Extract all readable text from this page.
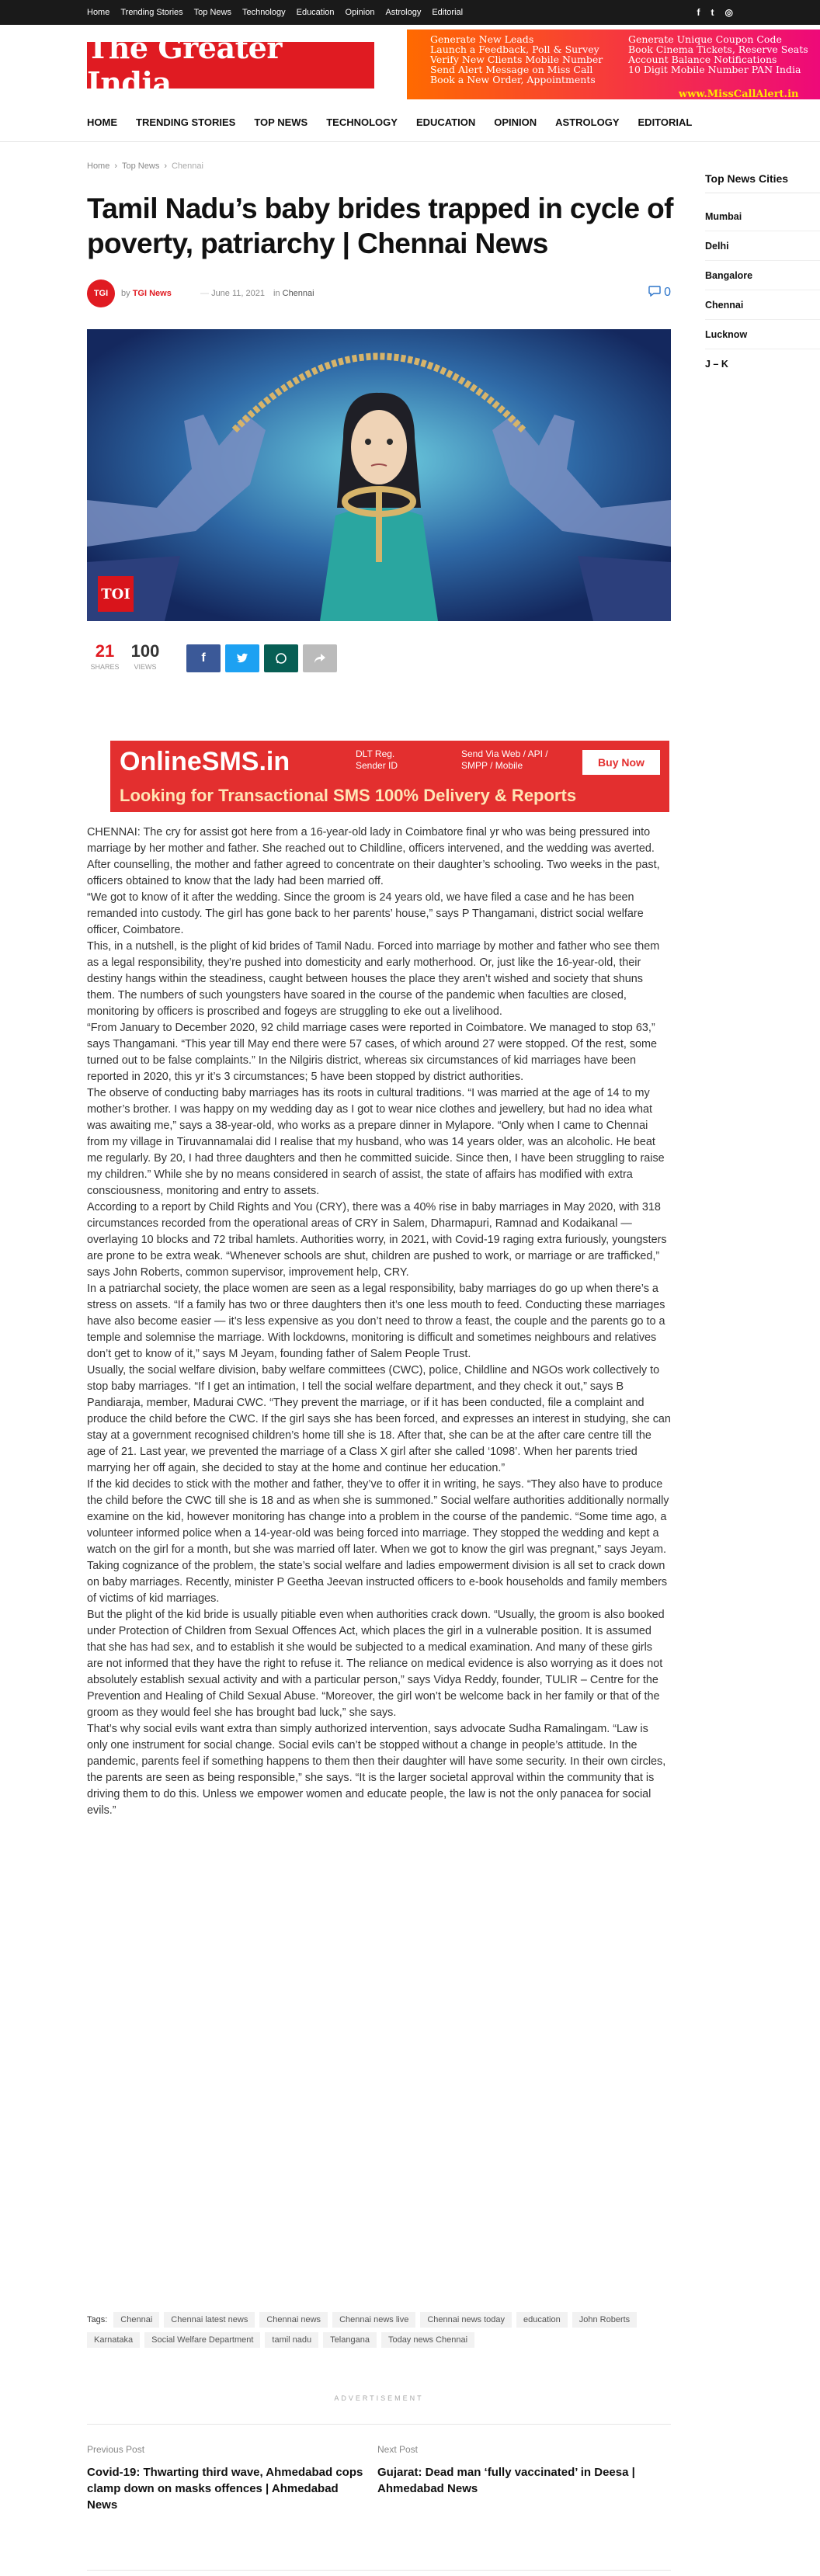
Home Trending Stories Top News Technology Education Opinion Astrology Editorial	f t ◎
The Greater India
Generate New Leads
Launch a Feedback, Poll & Survey
Verify New Clients Mobile Number
Send Alert Message on Miss Call
Book a New Order, Appointments
Generate Unique Coupon Code
Book Cinema Tickets, Reserve Seats
Account Balance Notifications
10 Digit Mobile Number PAN India
www.MissCallAlert.in
HOME TRENDING STORIES TOP NEWS TECHNOLOGY EDUCATION OPINION ASTROLOGY EDITORIAL
Home › Top News › Chennai
Tamil Nadu’s baby brides trapped in cycle of poverty, patriarchy | Chennai News
TGI	by TGI News	— June 11, 2021 in Chennai	0
TOI
21
SHARES
100
VIEWS
f
OnlineSMS.in	DLT Reg.
Sender ID
Send Via Web / API /
SMPP / Mobile	Buy Now
Looking for Transactional SMS 100% Delivery & Reports

CHENNAI: The cry for assist got here from a 16-year-old lady in Coimbatore final yr who was being pressured into marriage by her mother and father. She reached out to Childline, officers intervened, and the wedding was averted. After counselling, the mother and father agreed to concentrate on their daughter’s schooling. Two weeks in the past, officers obtained to know that the lady had been married off.

“We got to know of it after the wedding. Since the groom is 24 years old, we have filed a case and he has been remanded into custody. The girl has gone back to her parents’ house,” says P Thangamani, district social welfare officer, Coimbatore.

This, in a nutshell, is the plight of kid brides of Tamil Nadu. Forced into marriage by mother and father who see them as a legal responsibility, they’re pushed into domesticity and early motherhood. Or, just like the 16-year-old, their destiny hangs within the steadiness, caught between houses the place they aren’t wished and society that shuns them. The numbers of such youngsters have soared in the course of the pandemic when faculties are closed, monitoring by officers is proscribed and fogeys are struggling to eke out a livelihood.

“From January to December 2020, 92 child marriage cases were reported in Coimbatore. We managed to stop 63,” says Thangamani. “This year till May end there were 57 cases, of which around 27 were stopped. Of the rest, some turned out to be false complaints.” In the Nilgiris district, whereas six circumstances of kid marriages have been reported in 2020, this yr it’s 3 circumstances; 5 have been stopped by district authorities.

The observe of conducting baby marriages has its roots in cultural traditions. “I was married at the age of 14 to my mother’s brother. I was happy on my wedding day as I got to wear nice clothes and jewellery, but had no idea what was awaiting me,” says a 38-year-old, who works as a prepare dinner in Mylapore. “Only when I came to Chennai from my village in Tiruvannamalai did I realise that my husband, who was 14 years older, was an alcoholic. He beat me regularly. By 20, I had three daughters and then he committed suicide. Since then, I have been struggling to raise my children.” While she by no means considered in search of assist, the state of affairs has modified with extra consciousness, monitoring and entry to assets.

According to a report by Child Rights and You (CRY), there was a 40% rise in baby marriages in May 2020, with 318 circumstances recorded from the operational areas of CRY in Salem, Dharmapuri, Ramnad and Kodaikanal — overlaying 10 blocks and 72 tribal hamlets. Authorities worry, in 2021, with Covid-19 raging extra furiously, youngsters are prone to be extra weak. “Whenever schools are shut, children are pushed to work, or marriage or are trafficked,” says John Roberts, common supervisor, improvement help, CRY.

In a patriarchal society, the place women are seen as a legal responsibility, baby marriages do go up when there’s a stress on assets. “If a family has two or three daughters then it’s one less mouth to feed. Conducting these marriages have also become easier — it’s less expensive as you don’t need to throw a feast, the couple and the parents go to a temple and solemnise the marriage. With lockdowns, monitoring is difficult and sometimes neighbours and relatives don’t get to know of it,” says M Jeyam, founding father of Salem People Trust.

Usually, the social welfare division, baby welfare committees (CWC), police, Childline and NGOs work collectively to stop baby marriages. “If I get an intimation, I tell the social welfare department, and they check it out,” says B Pandiaraja, member, Madurai CWC. “They prevent the marriage, or if it has been conducted, file a complaint and produce the child before the CWC. If the girl says she has been forced, and expresses an interest in studying, she can stay at a government recognised children’s home till she is 18. After that, she can be at the after care centre till the age of 21. Last year, we prevented the marriage of a Class X girl after she called ‘1098’. When her parents tried marrying her off again, she decided to stay at the home and continue her education.”

If the kid decides to stick with the mother and father, they’ve to offer it in writing, he says. “They also have to produce the child before the CWC till she is 18 and as when she is summoned.” Social welfare authorities additionally normally examine on the kid, however monitoring has change into a problem in the course of the pandemic. “Some time ago, a volunteer informed police when a 14-year-old was being forced into marriage. They stopped the wedding and kept a watch on the girl for a month, but she was married off later. When we got to know the girl was pregnant,” says Jeyam.

Taking cognizance of the problem, the state’s social welfare and ladies empowerment division is all set to crack down on baby marriages. Recently, minister P Geetha Jeevan instructed officers to e-book households and family members of victims of kid marriages.

But the plight of the kid bride is usually pitiable even when authorities crack down. “Usually, the groom is also booked under Protection of Children from Sexual Offences Act, which places the girl in a vulnerable position. It is assumed that she has had sex, and to establish it she would be subjected to a medical examination. And many of these girls are not informed that they have the right to refuse it. The reliance on medical evidence is also worrying as it does not absolutely establish sexual activity and with a particular person,” says Vidya Reddy, founder, TULIR – Centre for the Prevention and Healing of Child Sexual Abuse. “Moreover, the girl won’t be welcome back in her family or that of the groom as they would feel she has brought bad luck,” she says.

That’s why social evils want extra than simply authorized intervention, says advocate Sudha Ramalingam. “Law is only one instrument for social change. Social evils can’t be stopped without a change in people’s attitude. In the pandemic, parents feel if something happens to them then their daughter will have some security. In their own circles, the parents are seen as being responsible,” she says. “It is the larger societal approval within the community that is driving them to do this. Unless we empower women and educate people, the law is not the only panacea for social evils.”

Tags:	Chennai	Chennai latest news	Chennai news	Chennai news live	Chennai news today	education	John Roberts
Karnataka	Social Welfare Department	tamil nadu	Telangana	Today news Chennai
ADVERTISEMENT
Previous Post
Covid-19: Thwarting third wave, Ahmedabad cops clamp down on masks offences | Ahmedabad News
Next Post
Gujarat: Dead man ‘fully vaccinated’ in Deesa | Ahmedabad News
Top News Cities
Mumbai
Delhi
Bangalore
Chennai
Lucknow
J – K
